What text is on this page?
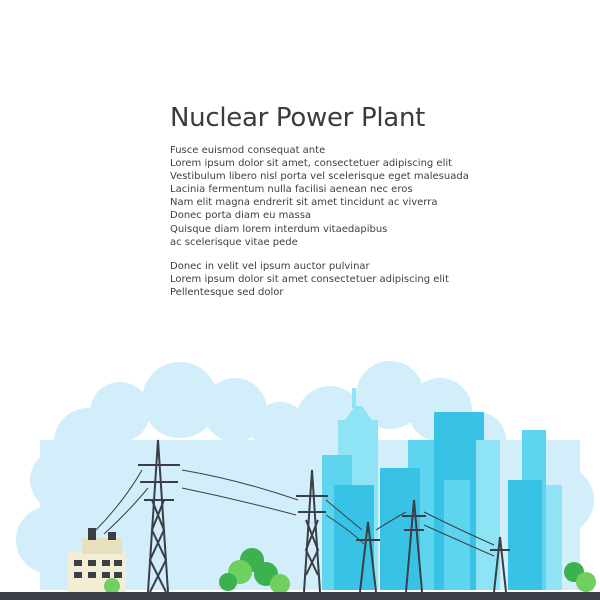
Nuclear Power Plant
Fusce euismod consequat ante
Lorem ipsum dolor sit amet, consectetuer adipiscing elit
Vestibulum libero nisl porta vel scelerisque eget malesuada
Lacinia fermentum nulla facilisi aenean nec eros
Nam elit magna endrerit sit amet tincidunt ac viverra
Donec porta diam eu massa
Quisque diam lorem interdum vitaedapibus
ac scelerisque vitae pede
Donec in velit vel ipsum auctor pulvinar
Lorem ipsum dolor sit amet consectetuer adipiscing elit
Pellentesque sed dolor
